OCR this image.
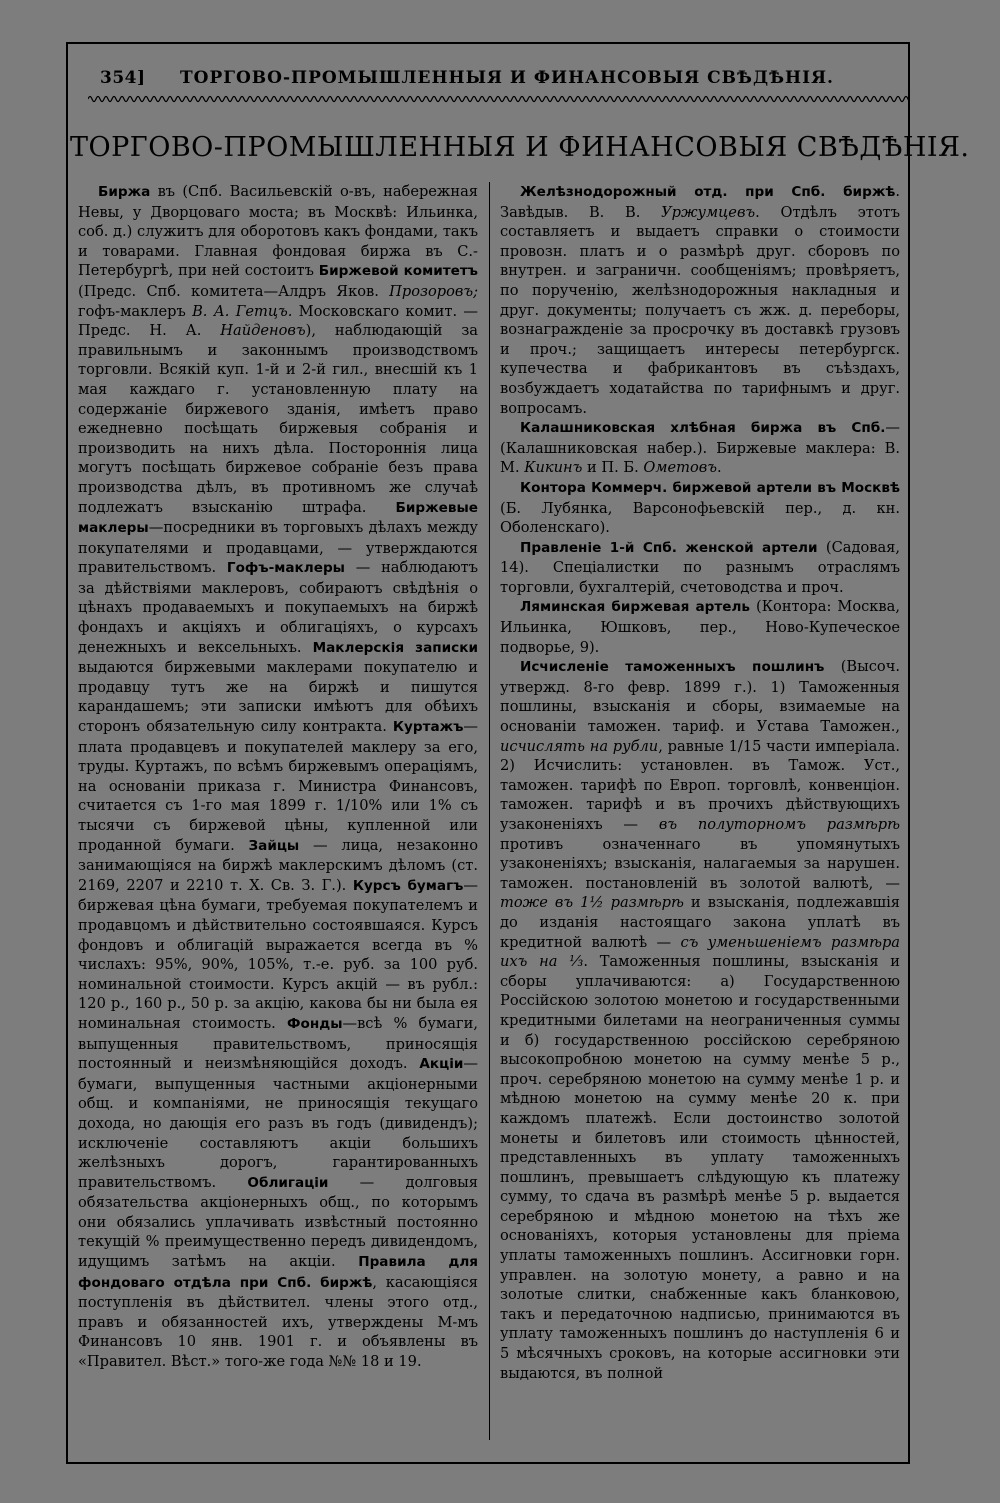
354]	ТОРГОВО-ПРОМЫШЛЕННЫЯ И ФИНАНСОВЫЯ СВѢДѢНІЯ.
ТОРГОВО-ПРОМЫШЛЕННЫЯ И ФИНАНСОВЫЯ СВѢДѢНІЯ.

Биржа въ (Спб. Васильевскій о-въ, набережная Невы, у Дворцоваго моста; въ Москвѣ: Ильинка, соб. д.) служитъ для оборотовъ какъ фондами, такъ и товарами. Главная фондовая биржа въ С.-Петербургѣ, при ней состоитъ Биржевой комитетъ (Предс. Спб. комитета—Алдръ Яков. Прозоровъ; гофъ-маклеръ В. А. Гетцъ. Московскаго комит. — Предс. Н. А. Найденовъ), наблюдающій за правильнымъ и законнымъ производствомъ торговли. Всякій куп. 1-й и 2-й гил., внесшій къ 1 мая каждаго г. установленную плату на содержаніе биржевого зданія, имѣетъ право ежедневно посѣщать биржевыя собранія и производить на нихъ дѣла. Постороннія лица могутъ посѣщать биржевое собраніе безъ права производства дѣлъ, въ противномъ же случаѣ подлежатъ взысканію штрафа. Биржевые маклеры—посредники въ торговыхъ дѣлахъ между покупателями и продавцами, — утверждаются правительствомъ. Гофъ-маклеры — наблюдаютъ за дѣйствіями маклеровъ, собираютъ свѣдѣнія о цѣнахъ продаваемыхъ и покупаемыхъ на биржѣ фондахъ и акціяхъ и облигаціяхъ, о курсахъ денежныхъ и вексельныхъ. Маклерскія записки выдаются биржевыми маклерами покупателю и продавцу тутъ же на биржѣ и пишутся карандашемъ; эти записки имѣютъ для обѣихъ сторонъ обязательную силу контракта. Куртажъ—плата продавцевъ и покупателей маклеру за его, труды. Куртажъ, по всѣмъ биржевымъ операціямъ, на основаніи приказа г. Министра Финансовъ, считается съ 1-го мая 1899 г. 1/10% или 1% съ тысячи съ биржевой цѣны, купленной или проданной бумаги. Зайцы — лица, незаконно занимающіяся на биржѣ маклерскимъ дѣломъ (ст. 2169, 2207 и 2210 т. X. Св. З. Г.). Курсъ бумагъ—биржевая цѣна бумаги, требуемая покупателемъ и продавцомъ и дѣйствительно состоявшаяся. Курсъ фондовъ и облигацій выражается всегда въ % числахъ: 95%, 90%, 105%, т.-е. руб. за 100 руб. номинальной стоимости. Курсъ акцій — въ рубл.: 120 р., 160 р., 50 р. за акцію, какова бы ни была ея номинальная стоимость. Фонды—всѣ % бумаги, выпущенныя правительствомъ, приносящія постоянный и неизмѣняющійся доходъ. Акціи—бумаги, выпущенныя частными акціонерными общ. и компаніями, не приносящія текущаго дохода, но дающія его разъ въ годъ (дивидендъ); исключеніе составляютъ акціи большихъ желѣзныхъ дорогъ, гарантированныхъ правительствомъ. Облигаціи — долговыя обязательства акціонерныхъ общ., по которымъ они обязались уплачивать извѣстный постоянно текущій % преимущественно передъ дивидендомъ, идущимъ затѣмъ на акціи. Правила для фондоваго отдѣла при Спб. биржѣ, касающіяся поступленія въ дѣйствител. члены этого отд., правъ и обязанностей ихъ, утверждены М-мъ Финансовъ 10 янв. 1901 г. и объявлены въ «Правител. Вѣст.» того-же года №№ 18 и 19.

Желѣзнодорожный отд. при Спб. биржѣ. Завѣдыв. В. В. Уржумцевъ. Отдѣлъ этотъ составляетъ и выдаетъ справки о стоимости провозн. платъ и о размѣрѣ друг. сборовъ по внутрен. и заграничн. сообщеніямъ; провѣряетъ, по порученію, желѣзнодорожныя накладныя и друг. документы; получаетъ съ жж. д. переборы, вознагражденіе за просрочку въ доставкѣ грузовъ и проч.; защищаетъ интересы петербургск. купечества и фабрикантовъ въ съѣздахъ, возбуждаетъ ходатайства по тарифнымъ и друг. вопросамъ.

Калашниковская хлѣбная биржа въ Спб.—(Калашниковская набер.). Биржевые маклера: В. М. Кикинъ и П. Б. Ометовъ.

Контора Коммерч. биржевой артели въ Москвѣ (Б. Лубянка, Варсонофьевскій пер., д. кн. Оболенскаго).

Правленіе 1-й Спб. женской артели (Садовая, 14). Спеціалистки по разнымъ отраслямъ торговли, бухгалтерій, счетоводства и проч.

Ляминская биржевая артель (Контора: Москва, Ильинка, Юшковъ, пер., Ново-Купеческое подворье, 9).

Исчисленіе таможенныхъ пошлинъ (Высоч. утвержд. 8-го февр. 1899 г.). 1) Таможенныя пошлины, взысканія и сборы, взимаемые на основаніи таможен. тариф. и Устава Таможен., исчислять на рубли, равные 1/15 части имперіала. 2) Исчислить: установлен. въ Тамож. Уст., таможен. тарифѣ по Европ. торговлѣ, конвенціон. таможен. тарифѣ и въ прочихъ дѣйствующихъ узаконеніяхъ — въ полуторномъ размѣрѣ противъ означеннаго въ упомянутыхъ узаконеніяхъ; взысканія, налагаемыя за нарушен. таможен. постановленій въ золотой валютѣ, — тоже въ 1½ размѣрѣ и взысканія, подлежавшія до изданія настоящаго закона уплатѣ въ кредитной валютѣ — съ уменьшеніемъ размѣра ихъ на ⅓. Таможенныя пошлины, взысканія и сборы уплачиваются: а) Государственною Россійскою золотою монетою и государственными кредитными билетами на неограниченныя суммы и б) государственною россійскою серебряною высокопробною монетою на сумму менѣе 5 р., проч. серебряною монетою на сумму менѣе 1 р. и мѣдною монетою на сумму менѣе 20 к. при каждомъ платежѣ. Если достоинство золотой монеты и билетовъ или стоимость цѣнностей, представленныхъ въ уплату таможенныхъ пошлинъ, превышаетъ слѣдующую къ платежу сумму, то сдача въ размѣрѣ менѣе 5 р. выдается серебряною и мѣдною монетою на тѣхъ же основаніяхъ, которыя установлены для пріема уплаты таможенныхъ пошлинъ. Ассигновки горн. управлен. на золотую монету, а равно и на золотые слитки, снабженные какъ бланковою, такъ и передаточною надписью, принимаются въ уплату таможенныхъ пошлинъ до наступленія 6 и 5 мѣсячныхъ сроковъ, на которые ассигновки эти выдаются, въ полной
